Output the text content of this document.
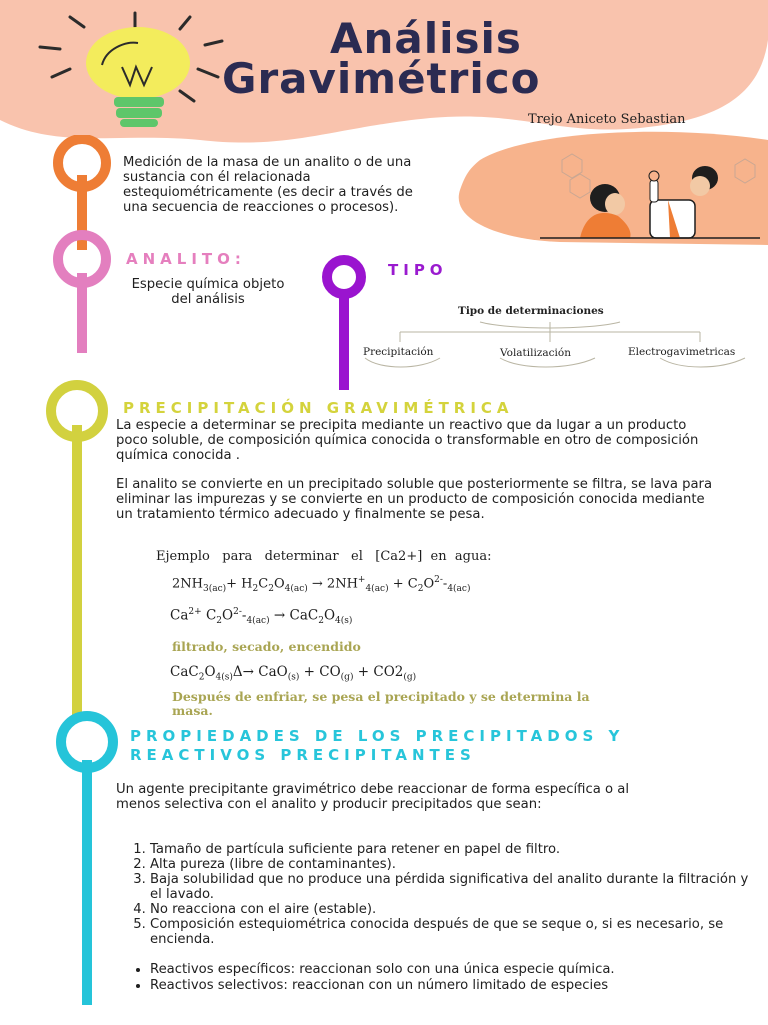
Análisis
Gravimétrico
Trejo Aniceto Sebastian
Medición de la masa de un analito o de una sustancia con él relacionada estequiométricamente (es decir a través de una secuencia de reacciones o procesos).
ANALITO:
Especie química objeto del análisis
TIPO
Tipo de determinaciones
Precipitación	Volatilización	Electrogavimetricas
PRECIPITACIÓN GRAVIMÉTRICA
La especie a determinar se precipita mediante un reactivo que da lugar a un producto poco soluble, de composición química conocida o transformable en otro de composición química conocida .
El analito se convierte en un precipitado soluble que posteriormente se filtra, se lava para eliminar las impurezas y se convierte en un producto de composición conocida mediante un tratamiento térmico adecuado y finalmente se pesa.
Ejemplo   para   determinar   el   [Ca2+]  en  agua:
$2NH_{3(ac)}+ H_2C_2O_{4(ac)} \to 2NH^+_{4(ac)} + C_2O^{2-}-_{4(ac)}$
$Ca^{2+}$ $C_2O^{2-}-_{4(ac)} \to CaC_2O_{4(s)}$
filtrado, secado, encendido
$CaC_2O_{4(s)}\Delta\to CaO_{(s)} + CO_{(g)} + CO2_{(g)}$
Después de enfriar, se pesa el precipitado y se determina la masa.
PROPIEDADES DE LOS PRECIPITADOS Y REACTIVOS PRECIPITANTES
Un agente precipitante gravimétrico debe reaccionar de forma específica o al menos selectiva con el analito y producir precipitados que sean:
1. Tamaño de partícula suficiente para retener en papel de filtro.
2. Alta pureza (libre de contaminantes).
3. Baja solubilidad que no produce una pérdida significativa del analito durante la filtración y el lavado.
4. No reacciona con el aire (estable).
5. Composición estequiométrica conocida después de que se seque o, si es necesario, se encienda.
• Reactivos específicos: reaccionan solo con una única especie química.
• Reactivos selectivos: reaccionan con un número limitado de especies
